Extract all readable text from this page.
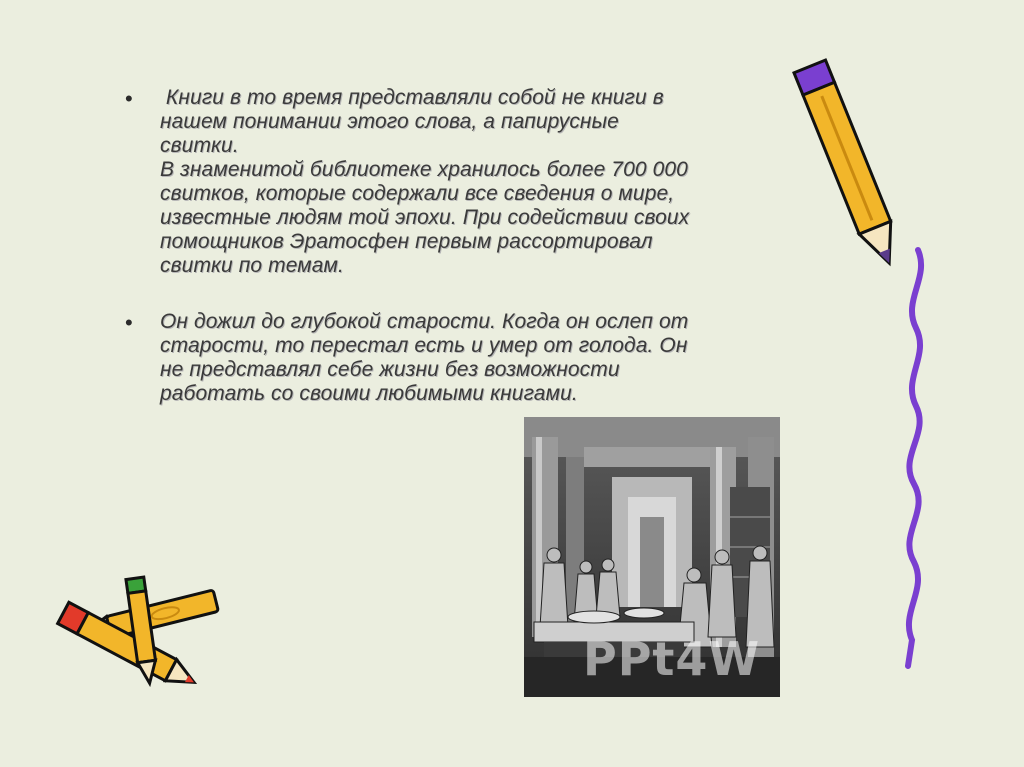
• Книги в то время представляли собой не книги в
нашем понимании этого слова, а папирусные
свитки.
В знаменитой библиотеке хранилось более 700 000
свитков, которые содержали все сведения о мире,
известные людям той эпохи. При содействии своих
помощников Эратосфен первым рассортировал
свитки по темам.
• Он дожил до глубокой старости. Когда он ослеп от
старости, то перестал есть и умер от голода. Он
не представлял себе жизни без возможности
работать со своими любимыми книгами.
PPt4W
